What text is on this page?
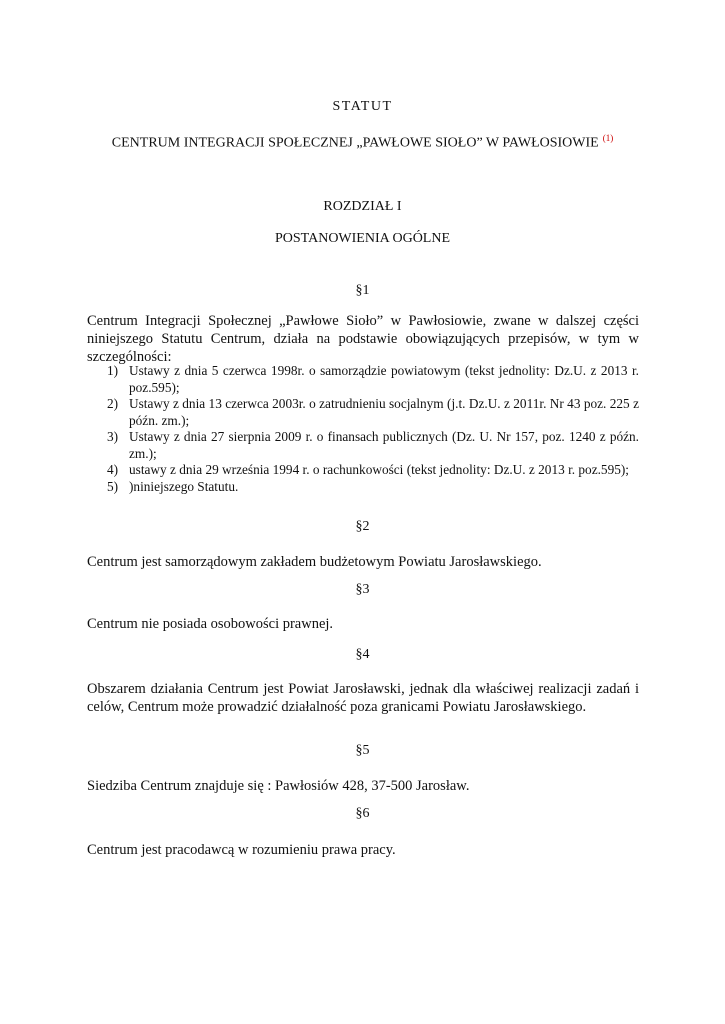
STATUT
CENTRUM INTEGRACJI SPOŁECZNEJ „PAWŁOWE SIOŁO” W PAWŁOSIOWIE $^{(1)}$
ROZDZIAŁ I
POSTANOWIENIA OGÓLNE
§1
Centrum Integracji Społecznej „Pawłowe Sioło” w Pawłosiowie, zwane w dalszej części niniejszego Statutu Centrum, działa na podstawie obowiązujących przepisów, w tym w szczególności:
1) Ustawy z dnia 5 czerwca 1998r. o samorządzie powiatowym (tekst jednolity: Dz.U. z 2013 r. poz.595);
2) Ustawy z dnia 13 czerwca 2003r. o zatrudnieniu socjalnym (j.t. Dz.U. z 2011r. Nr 43 poz. 225 z późn. zm.);
3) Ustawy z dnia 27 sierpnia 2009 r. o finansach publicznych (Dz. U. Nr 157, poz. 1240 z późn. zm.);
4) ustawy z dnia 29 września 1994 r. o rachunkowości (tekst jednolity: Dz.U. z 2013 r. poz.595);
5) )niniejszego Statutu.
§2
Centrum jest samorządowym zakładem budżetowym Powiatu Jarosławskiego.
§3
Centrum nie posiada osobowości prawnej.
§4
Obszarem działania Centrum jest Powiat Jarosławski, jednak dla właściwej realizacji zadań i celów, Centrum może prowadzić działalność poza granicami Powiatu Jarosławskiego.
§5
Siedziba Centrum znajduje się : Pawłosiów 428, 37-500 Jarosław.
§6
Centrum jest pracodawcą w rozumieniu prawa pracy.
